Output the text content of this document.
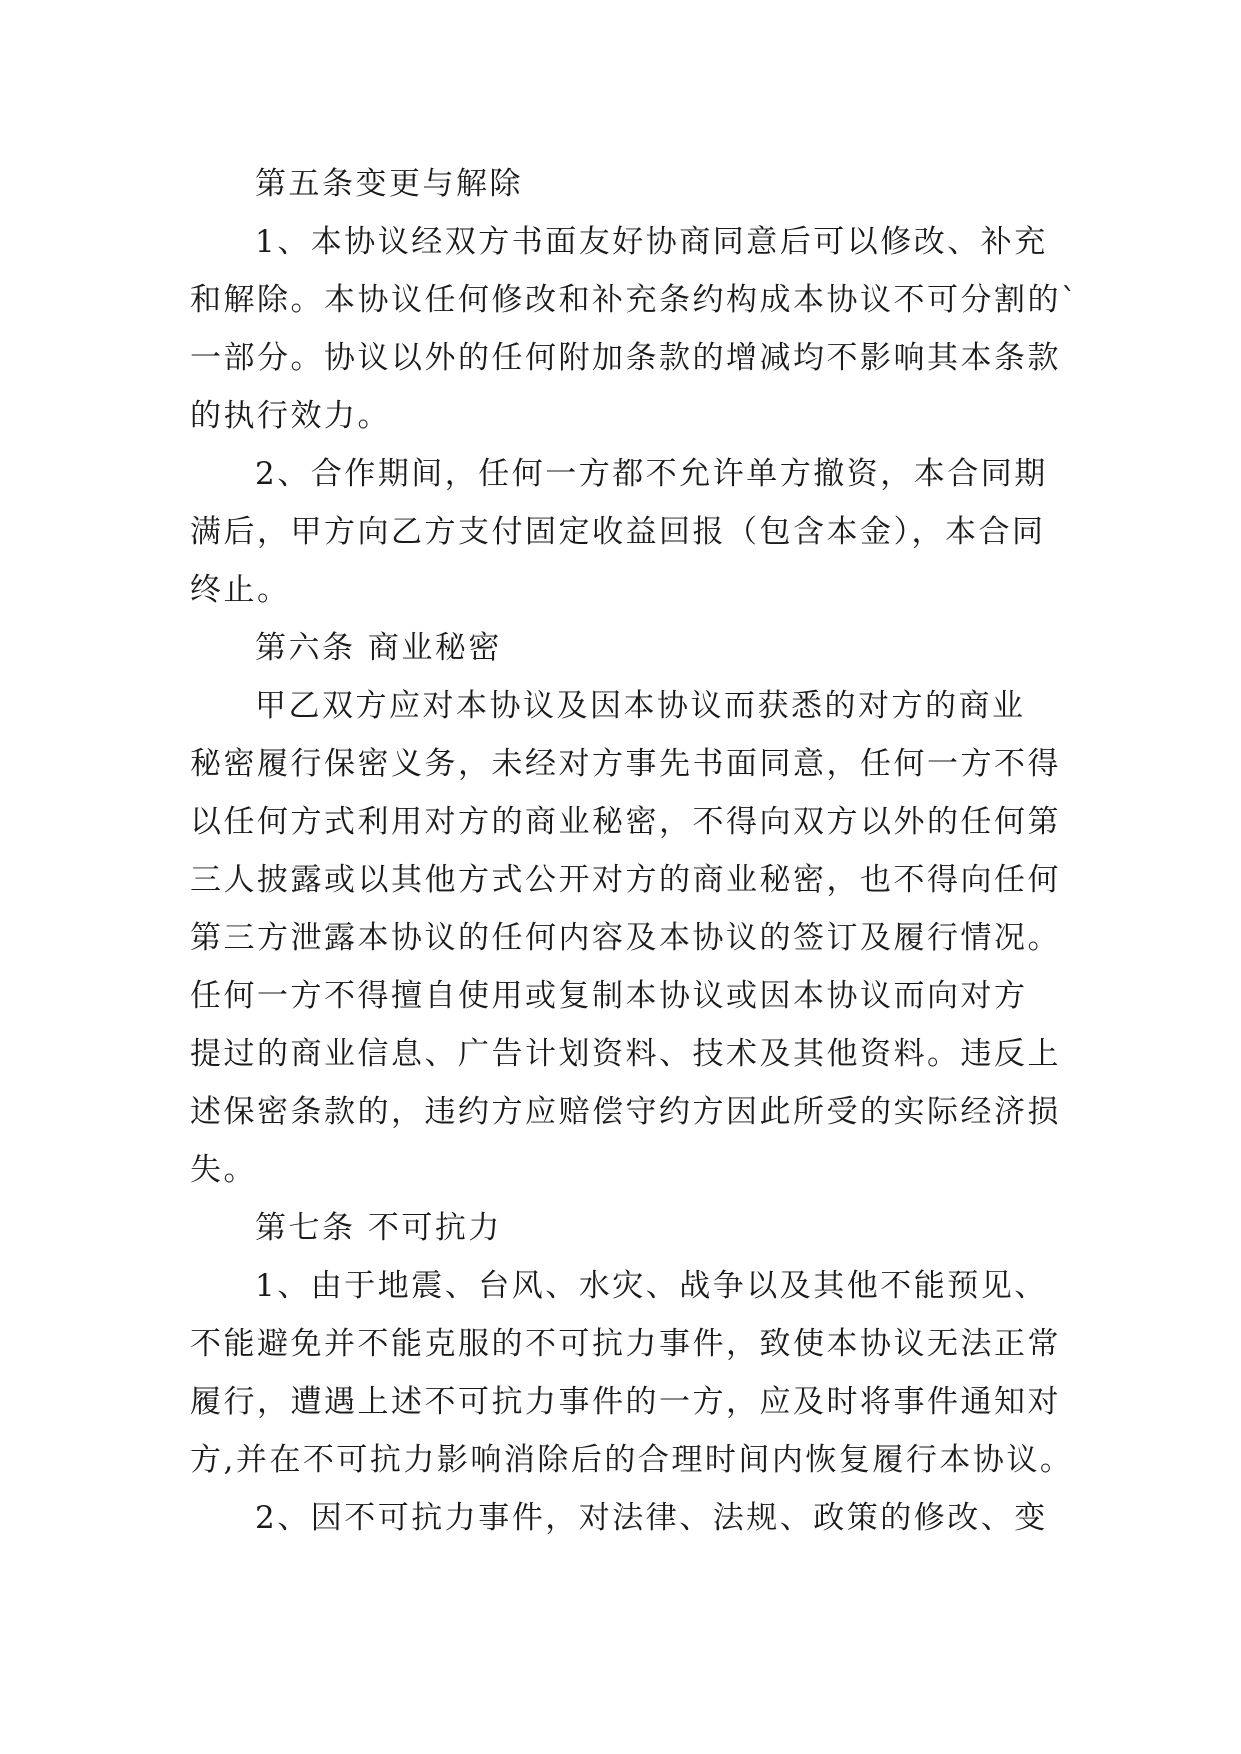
第五条变更与解除

1、本协议经双方书面友好协商同意后可以修改、补充

和解除。本协议任何修改和补充条约构成本协议不可分割的`

一部分。协议以外的任何附加条款的增减均不影响其本条款

的执行效力。

2、合作期间，任何一方都不允许单方撤资，本合同期

满后，甲方向乙方支付固定收益回报（包含本金），本合同

终止。

第六条 商业秘密

甲乙双方应对本协议及因本协议而获悉的对方的商业

秘密履行保密义务，未经对方事先书面同意，任何一方不得

以任何方式利用对方的商业秘密，不得向双方以外的任何第

三人披露或以其他方式公开对方的商业秘密，也不得向任何

第三方泄露本协议的任何内容及本协议的签订及履行情况。

任何一方不得擅自使用或复制本协议或因本协议而向对方

提过的商业信息、广告计划资料、技术及其他资料。违反上

述保密条款的，违约方应赔偿守约方因此所受的实际经济损

失。

第七条 不可抗力

1、由于地震、台风、水灾、战争以及其他不能预见、

不能避免并不能克服的不可抗力事件，致使本协议无法正常

履行，遭遇上述不可抗力事件的一方，应及时将事件通知对

方,并在不可抗力影响消除后的合理时间内恢复履行本协议。

2、因不可抗力事件，对法律、法规、政策的修改、变
